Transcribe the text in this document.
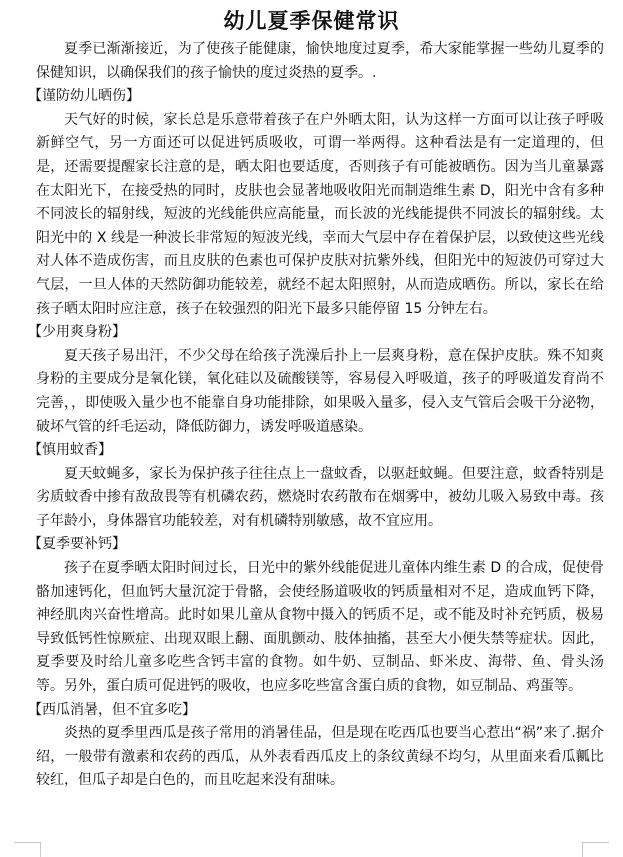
幼儿夏季保健常识

夏季已渐渐接近，为了使孩子能健康，愉快地度过夏季，希大家能掌握一些幼儿夏季的保健知识，以确保我们的孩子愉快的度过炎热的夏季。.

【谨防幼儿晒伤】

天气好的时候，家长总是乐意带着孩子在户外晒太阳，认为这样一方面可以让孩子呼吸新鲜空气，另一方面还可以促进钙质吸收，可谓一举两得。这种看法是有一定道理的，但是，还需要提醒家长注意的是，晒太阳也要适度，否则孩子有可能被晒伤。因为当儿童暴露在太阳光下，在接受热的同时，皮肤也会显著地吸收阳光而制造维生素 D，阳光中含有多种不同波长的辐射线，短波的光线能供应高能量，而长波的光线能提供不同波长的辐射线。太阳光中的 X 线是一种波长非常短的短波光线，幸而大气层中存在着保护层，以致使这些光线对人体不造成伤害，而且皮肤的色素也可保护皮肤对抗紫外线，但阳光中的短波仍可穿过大气层，一旦人体的天然防御功能较差，就经不起太阳照射，从而造成晒伤。所以，家长在给孩子晒太阳时应注意，孩子在较强烈的阳光下最多只能停留 15 分钟左右。

【少用爽身粉】

夏天孩子易出汗，不少父母在给孩子洗澡后扑上一层爽身粉，意在保护皮肤。殊不知爽身粉的主要成分是氧化镁，氧化硅以及硫酸镁等，容易侵入呼吸道，孩子的呼吸道发育尚不完善，，即使吸入量少也不能靠自身功能排除，如果吸入量多，侵入支气管后会吸干分泌物，破坏气管的纤毛运动，降低防御力，诱发呼吸道感染。

【慎用蚊香】

夏天蚊蝇多，家长为保护孩子往往点上一盘蚊香，以驱赶蚊蝇。但要注意，蚊香特别是劣质蚊香中掺有敌敌畏等有机磷农药，燃烧时农药散布在烟雾中，被幼儿吸入易致中毒。孩子年龄小，身体器官功能较差，对有机磷特别敏感，故不宜应用。

【夏季要补钙】

孩子在夏季晒太阳时间过长，日光中的紫外线能促进儿童体内维生素 D 的合成，促使骨骼加速钙化，但血钙大量沉淀于骨骼，会使经肠道吸收的钙质量相对不足，造成血钙下降，神经肌肉兴奋性增高。此时如果儿童从食物中摄入的钙质不足，或不能及时补充钙质，极易导致低钙性惊厥症、出现双眼上翻、面肌颤动、肢体抽搐，甚至大小便失禁等症状。因此，夏季要及时给儿童多吃些含钙丰富的食物。如牛奶、豆制品、虾米皮、海带、鱼、骨头汤等。另外，蛋白质可促进钙的吸收，也应多吃些富含蛋白质的食物，如豆制品、鸡蛋等。

【西瓜消暑，但不宜多吃】

炎热的夏季里西瓜是孩子常用的消暑佳品，但是现在吃西瓜也要当心惹出“祸”来了.据介绍，一般带有激素和农药的西瓜，从外表看西瓜皮上的条纹黄绿不均匀，从里面来看瓜瓤比较红，但瓜子却是白色的，而且吃起来没有甜味。
